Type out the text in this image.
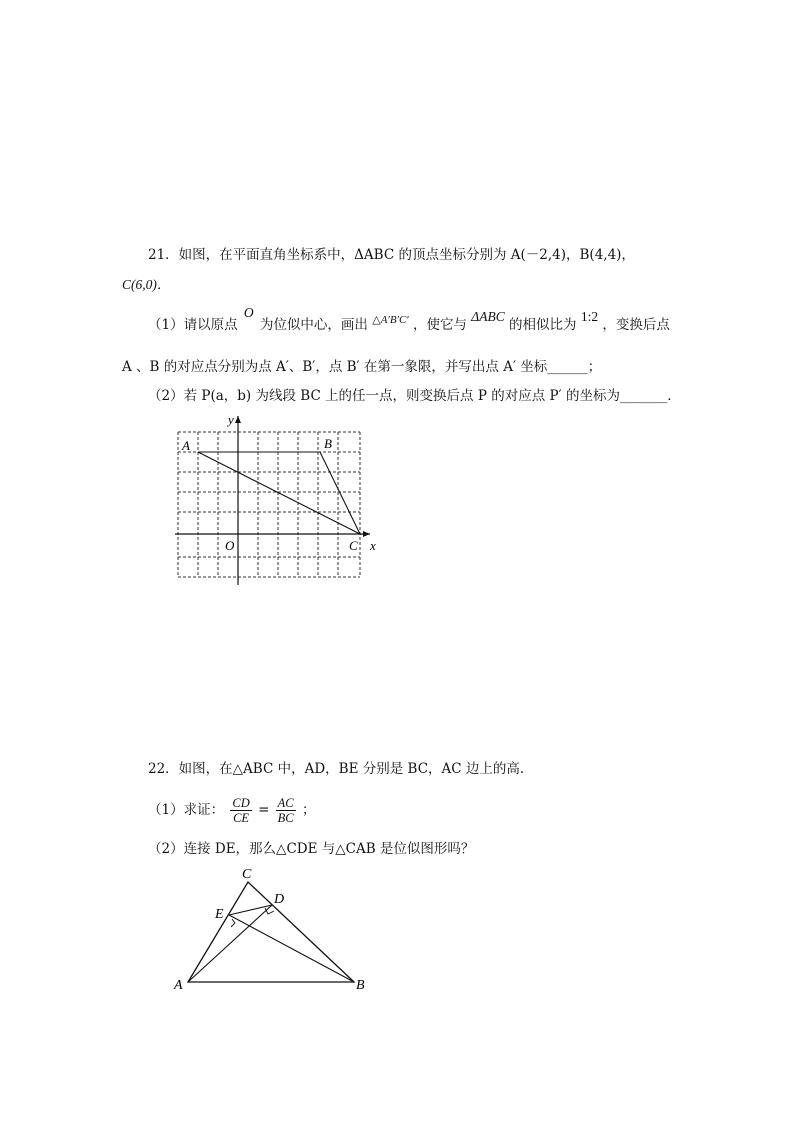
21．如图，在平面直角坐标系中，ΔABC 的顶点坐标分别为 A(－2,4)，B(4,4)，
C(6,0)．
（1）请以原点 O 为位似中心，画出 $^{\triangle A'B'C'}$ ，使它与 ΔABC 的相似比为 1:2 ，变换后点
A 、B 的对应点分别为点 A′、B′，点 B′ 在第一象限，并写出点 A′ 坐标______；
（2）若 P(a，b) 为线段 BC 上的任一点，则变换后点 P 的对应点 P′ 的坐标为_______．
A	B
C
O	x
y
22．如图，在△ABC 中，AD，BE 分别是 BC，AC 边上的高．
（1）求证： $\frac{CD}{CE} = \frac{AC}{BC}$ ；
（2）连接 DE，那么△CDE 与△CAB 是位似图形吗？
C
D
E
A	B
